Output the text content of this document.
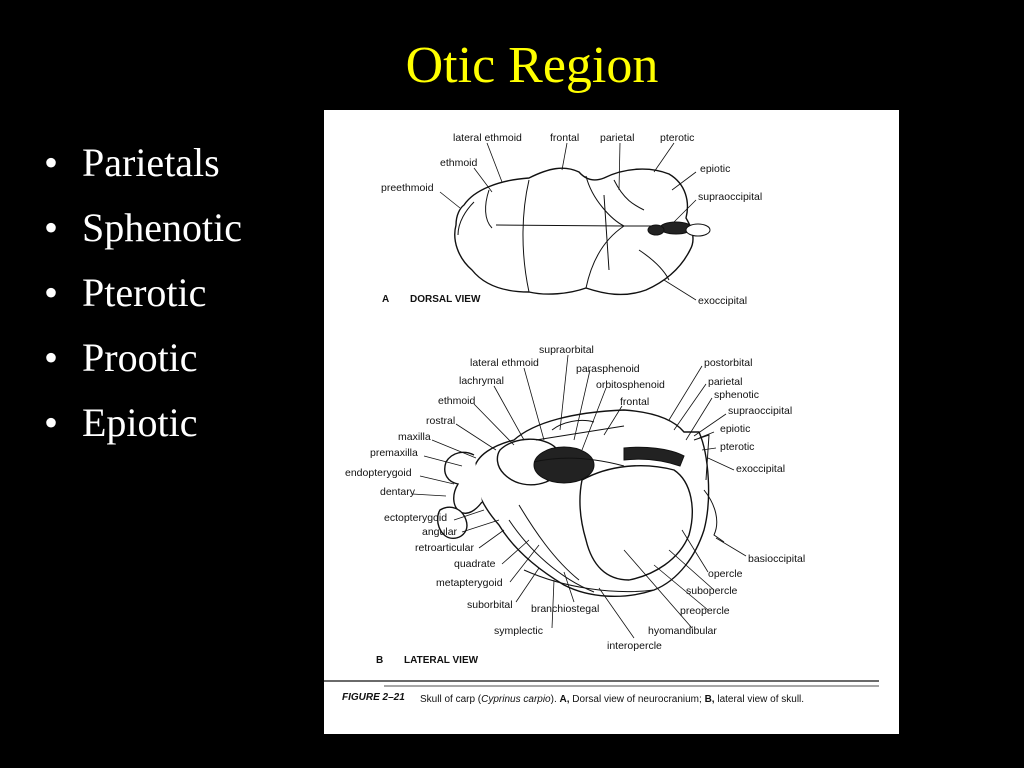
Otic Region
• Parietals
• Sphenotic
• Pterotic
• Prootic
• Epiotic
lateral ethmoid	frontal parietal pterotic
ethmoid	epiotic
preethmoid
supraoccipital
exoccipital
A DORSAL VIEW
supraorbital
lateral ethmoid	parasphenoid	postorbital
lachrymal	orbitosphenoid	parietal
ethmoid	sphenotic
frontal
supraoccipital
rostral
epiotic
maxilla
pterotic
premaxilla
exoccipital
endopterygoid
dentary
ectopterygoid
angular
retroarticular
basioccipital
quadrate
opercle
metapterygoid
subopercle
suborbital branchiostegal	preopercle
symplectic	hyomandibular
interopercle
B LATERAL VIEW
FIGURE 2–21 Skull of carp (Cyprinus carpio). A, Dorsal view of neurocranium; B, lateral view of skull.
